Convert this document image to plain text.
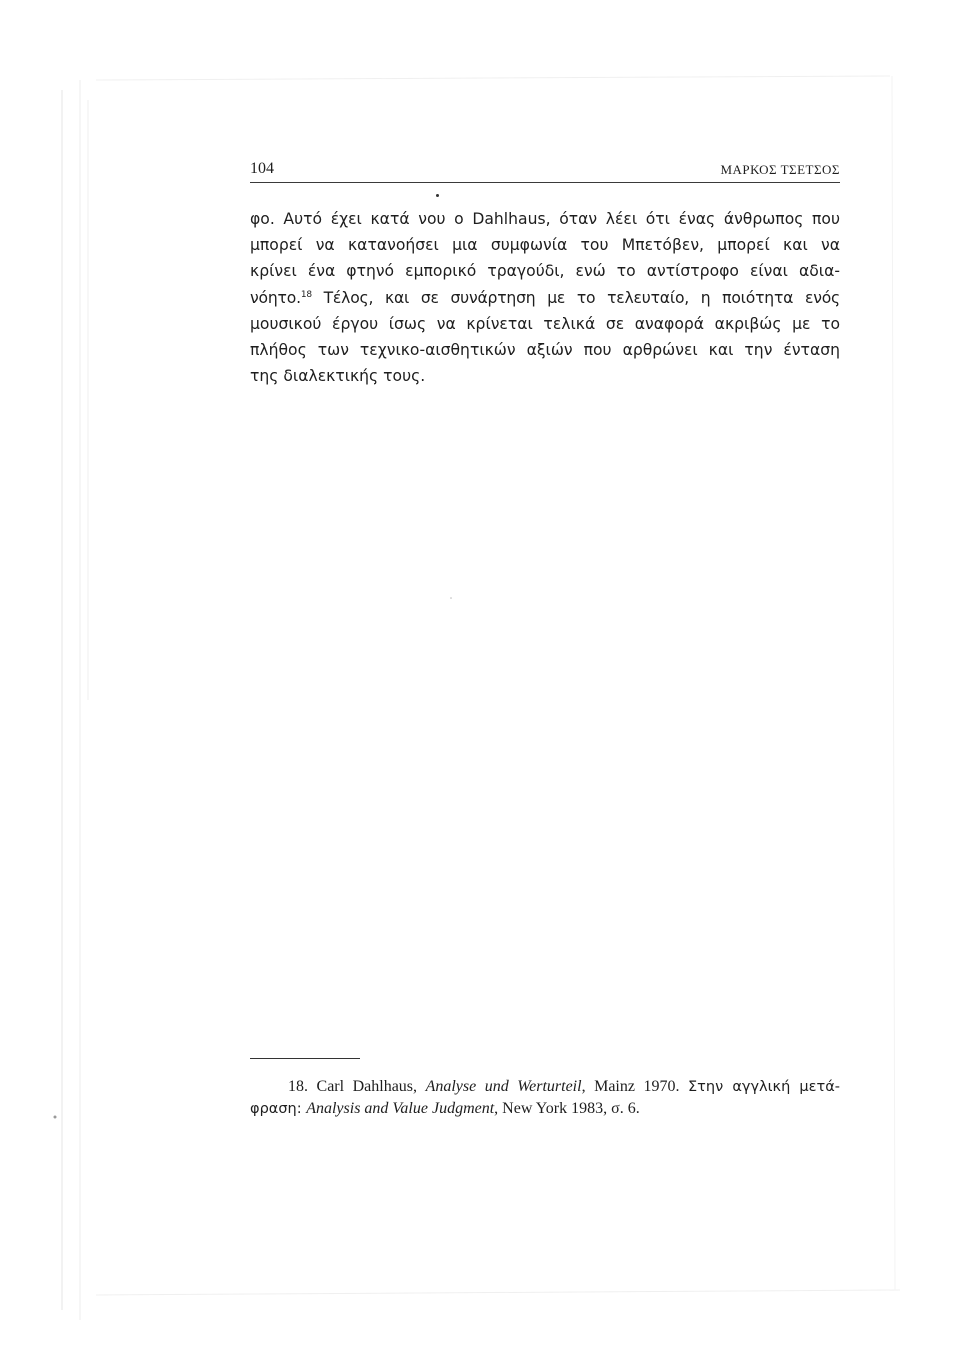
104	ΜΑΡΚΟΣ ΤΣΕΤΣΟΣ

φο. Αυτό έχει κατά νου ο Dahlhaus, όταν λέει ότι ένας άνθρωπος που
μπορεί να κατανοήσει μια συμφωνία του Μπετόβεν, μπορεί και να
κρίνει ένα φτηνό εμπορικό τραγούδι, ενώ το αντίστροφο είναι αδια-
νόητο.$^{18}$ Τέλος, και σε συνάρτηση με το τελευταίο, η ποιότητα ενός
μουσικού έργου ίσως να κρίνεται τελικά σε αναφορά ακριβώς με το
πλήθος των τεχνικο-αισθητικών αξιών που αρθρώνει και την ένταση
της διαλεκτικής τους.

18. Carl Dahlhaus, Analyse und Werturteil, Mainz 1970. Στην αγγλική μετά-
φραση: Analysis and Value Judgment, New York 1983, σ. 6.
